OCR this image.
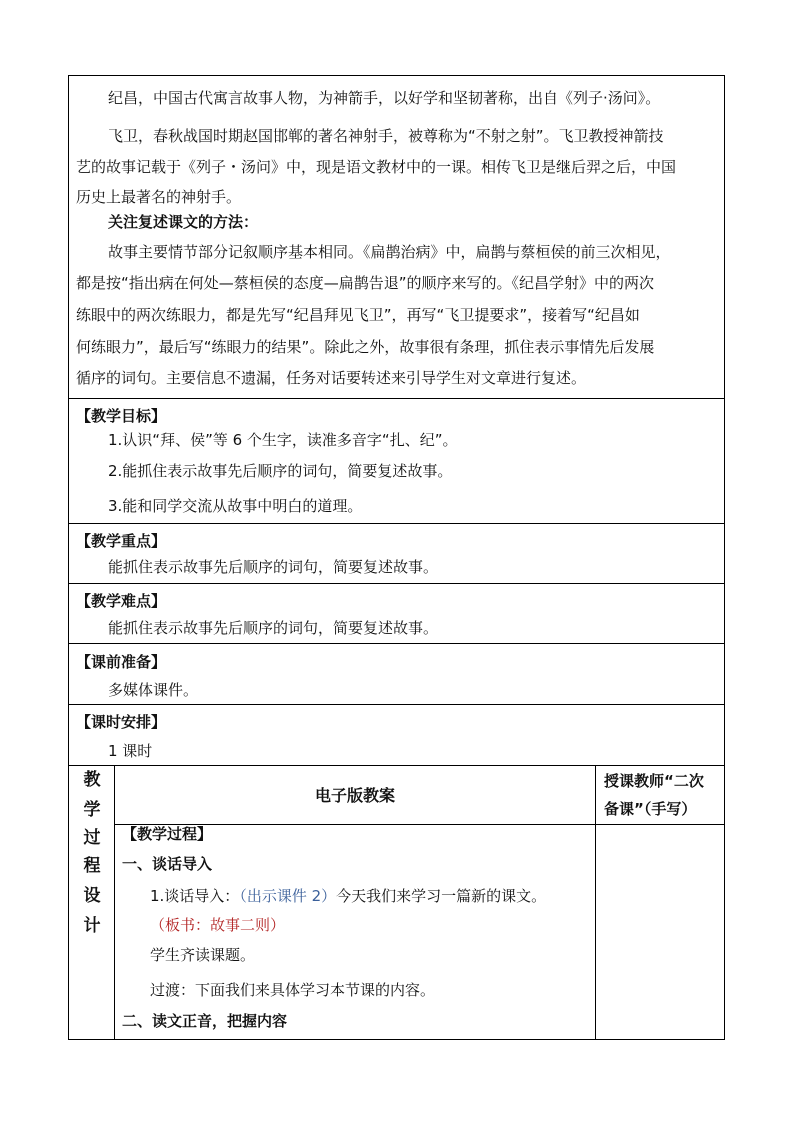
纪昌，中国古代寓言故事人物，为神箭手，以好学和坚韧著称，出自《列子·汤问》。
飞卫，春秋战国时期赵国邯郸的著名神射手，被尊称为“不射之射”。飞卫教授神箭技
艺的故事记载于《列子・汤问》中，现是语文教材中的一课。相传飞卫是继后羿之后，中国
历史上最著名的神射手。
关注复述课文的方法：
故事主要情节部分记叙顺序基本相同。《扁鹊治病》中，扁鹊与蔡桓侯的前三次相见，
都是按“指出病在何处—蔡桓侯的态度—扁鹊告退”的顺序来写的。《纪昌学射》中的两次
练眼中的两次练眼力，都是先写“纪昌拜见飞卫”，再写“飞卫提要求”，接着写“纪昌如
何练眼力”，最后写“练眼力的结果”。除此之外，故事很有条理，抓住表示事情先后发展
循序的词句。主要信息不遗漏，任务对话要转述来引导学生对文章进行复述。
【教学目标】
1.认识“拜、侯”等 6 个生字，读准多音字“扎、纪”。
2.能抓住表示故事先后顺序的词句，简要复述故事。
3.能和同学交流从故事中明白的道理。
【教学重点】
能抓住表示故事先后顺序的词句，简要复述故事。
【教学难点】
能抓住表示故事先后顺序的词句，简要复述故事。
【课前准备】
多媒体课件。
【课时安排】
1 课时
教
学
过
程
设
计
电子版教案
授课教师“二次
备课”（手写）
【教学过程】
一、谈话导入
1.谈话导入：（出示课件 2）今天我们来学习一篇新的课文。
（板书：故事二则）
学生齐读课题。
过渡：下面我们来具体学习本节课的内容。
二、读文正音，把握内容
